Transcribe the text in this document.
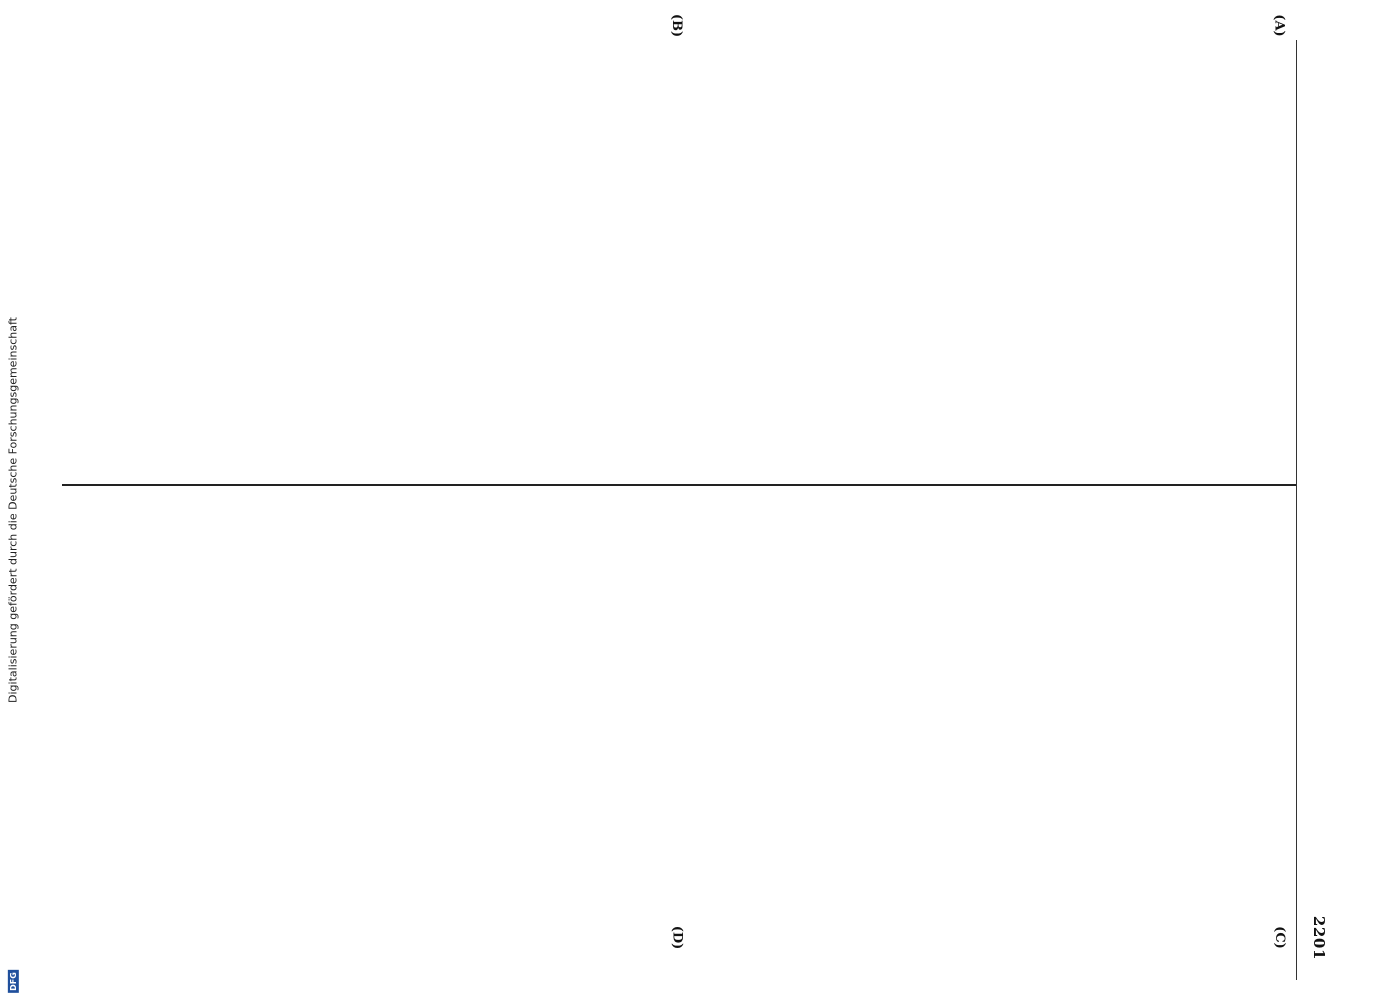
2201
(A)
(B)
(C)
(D)

Digitalisierung gefördert durch die Deutsche Forschungsgemeinschaft
DFG
